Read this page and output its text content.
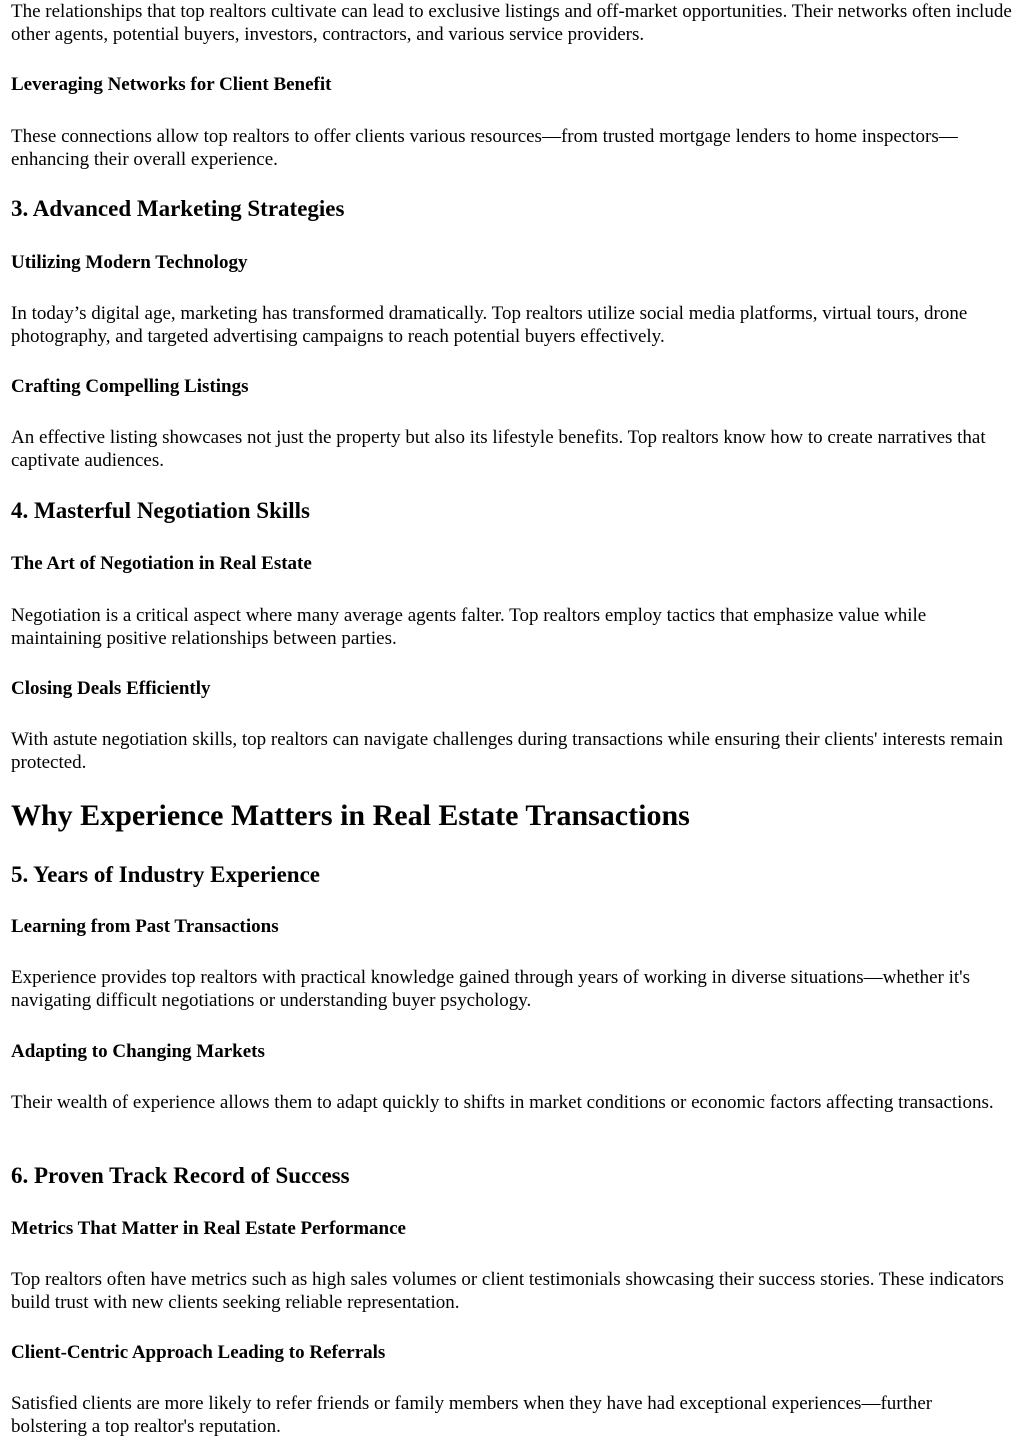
The relationships that top realtors cultivate can lead to exclusive listings and off-market opportunities. Their networks often include other agents, potential buyers, investors, contractors, and various service providers.

Leveraging Networks for Client Benefit

These connections allow top realtors to offer clients various resources—from trusted mortgage lenders to home inspectors—enhancing their overall experience.

3. Advanced Marketing Strategies
Utilizing Modern Technology

In today’s digital age, marketing has transformed dramatically. Top realtors utilize social media platforms, virtual tours, drone photography, and targeted advertising campaigns to reach potential buyers effectively.

Crafting Compelling Listings

An effective listing showcases not just the property but also its lifestyle benefits. Top realtors know how to create narratives that captivate audiences.

4. Masterful Negotiation Skills
The Art of Negotiation in Real Estate

Negotiation is a critical aspect where many average agents falter. Top realtors employ tactics that emphasize value while maintaining positive relationships between parties.

Closing Deals Efficiently

With astute negotiation skills, top realtors can navigate challenges during transactions while ensuring their clients' interests remain protected.

Why Experience Matters in Real Estate Transactions
5. Years of Industry Experience
Learning from Past Transactions

Experience provides top realtors with practical knowledge gained through years of working in diverse situations—whether it's navigating difficult negotiations or understanding buyer psychology.

Adapting to Changing Markets

Their wealth of experience allows them to adapt quickly to shifts in market conditions or economic factors affecting transactions.

6. Proven Track Record of Success
Metrics That Matter in Real Estate Performance

Top realtors often have metrics such as high sales volumes or client testimonials showcasing their success stories. These indicators build trust with new clients seeking reliable representation.

Client-Centric Approach Leading to Referrals

Satisfied clients are more likely to refer friends or family members when they have had exceptional experiences—further bolstering a top realtor's reputation.
